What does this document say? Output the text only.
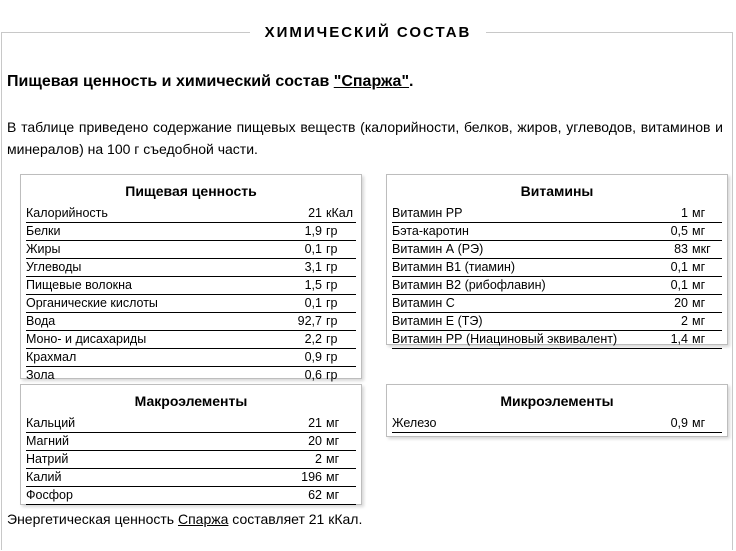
ХИМИЧЕСКИЙ СОСТАВ
Пищевая ценность и химический состав "Спаржа".
В таблице приведено содержание пищевых веществ (калорийности, белков, жиров, углеводов, витаминов и минералов) на 100 г съедобной части.
Пищевая ценность
Калорийность	21 кКал
Белки	1,9 гр
Жиры	0,1 гр
Углеводы	3,1 гр
Пищевые волокна	1,5 гр
Органические кислоты	0,1 гр
Вода	92,7 гр
Моно- и дисахариды	2,2 гр
Крахмал	0,9 гр
Зола	0,6 гр
Витамины
Витамин РР	1 мг
Бэта-каротин	0,5 мг
Витамин А (РЭ)	83 мкг
Витамин В1 (тиамин)	0,1 мг
Витамин В2 (рибофлавин)	0,1 мг
Витамин С	20 мг
Витамин Е (ТЭ)	2 мг
Витамин РР (Ниациновый эквивалент)	1,4 мг
Макроэлементы
Кальций	21 мг
Магний	20 мг
Натрий	2 мг
Калий	196 мг
Фосфор	62 мг
Микроэлементы
Железо	0,9 мг
Энергетическая ценность Спаржа составляет 21 кКал.
